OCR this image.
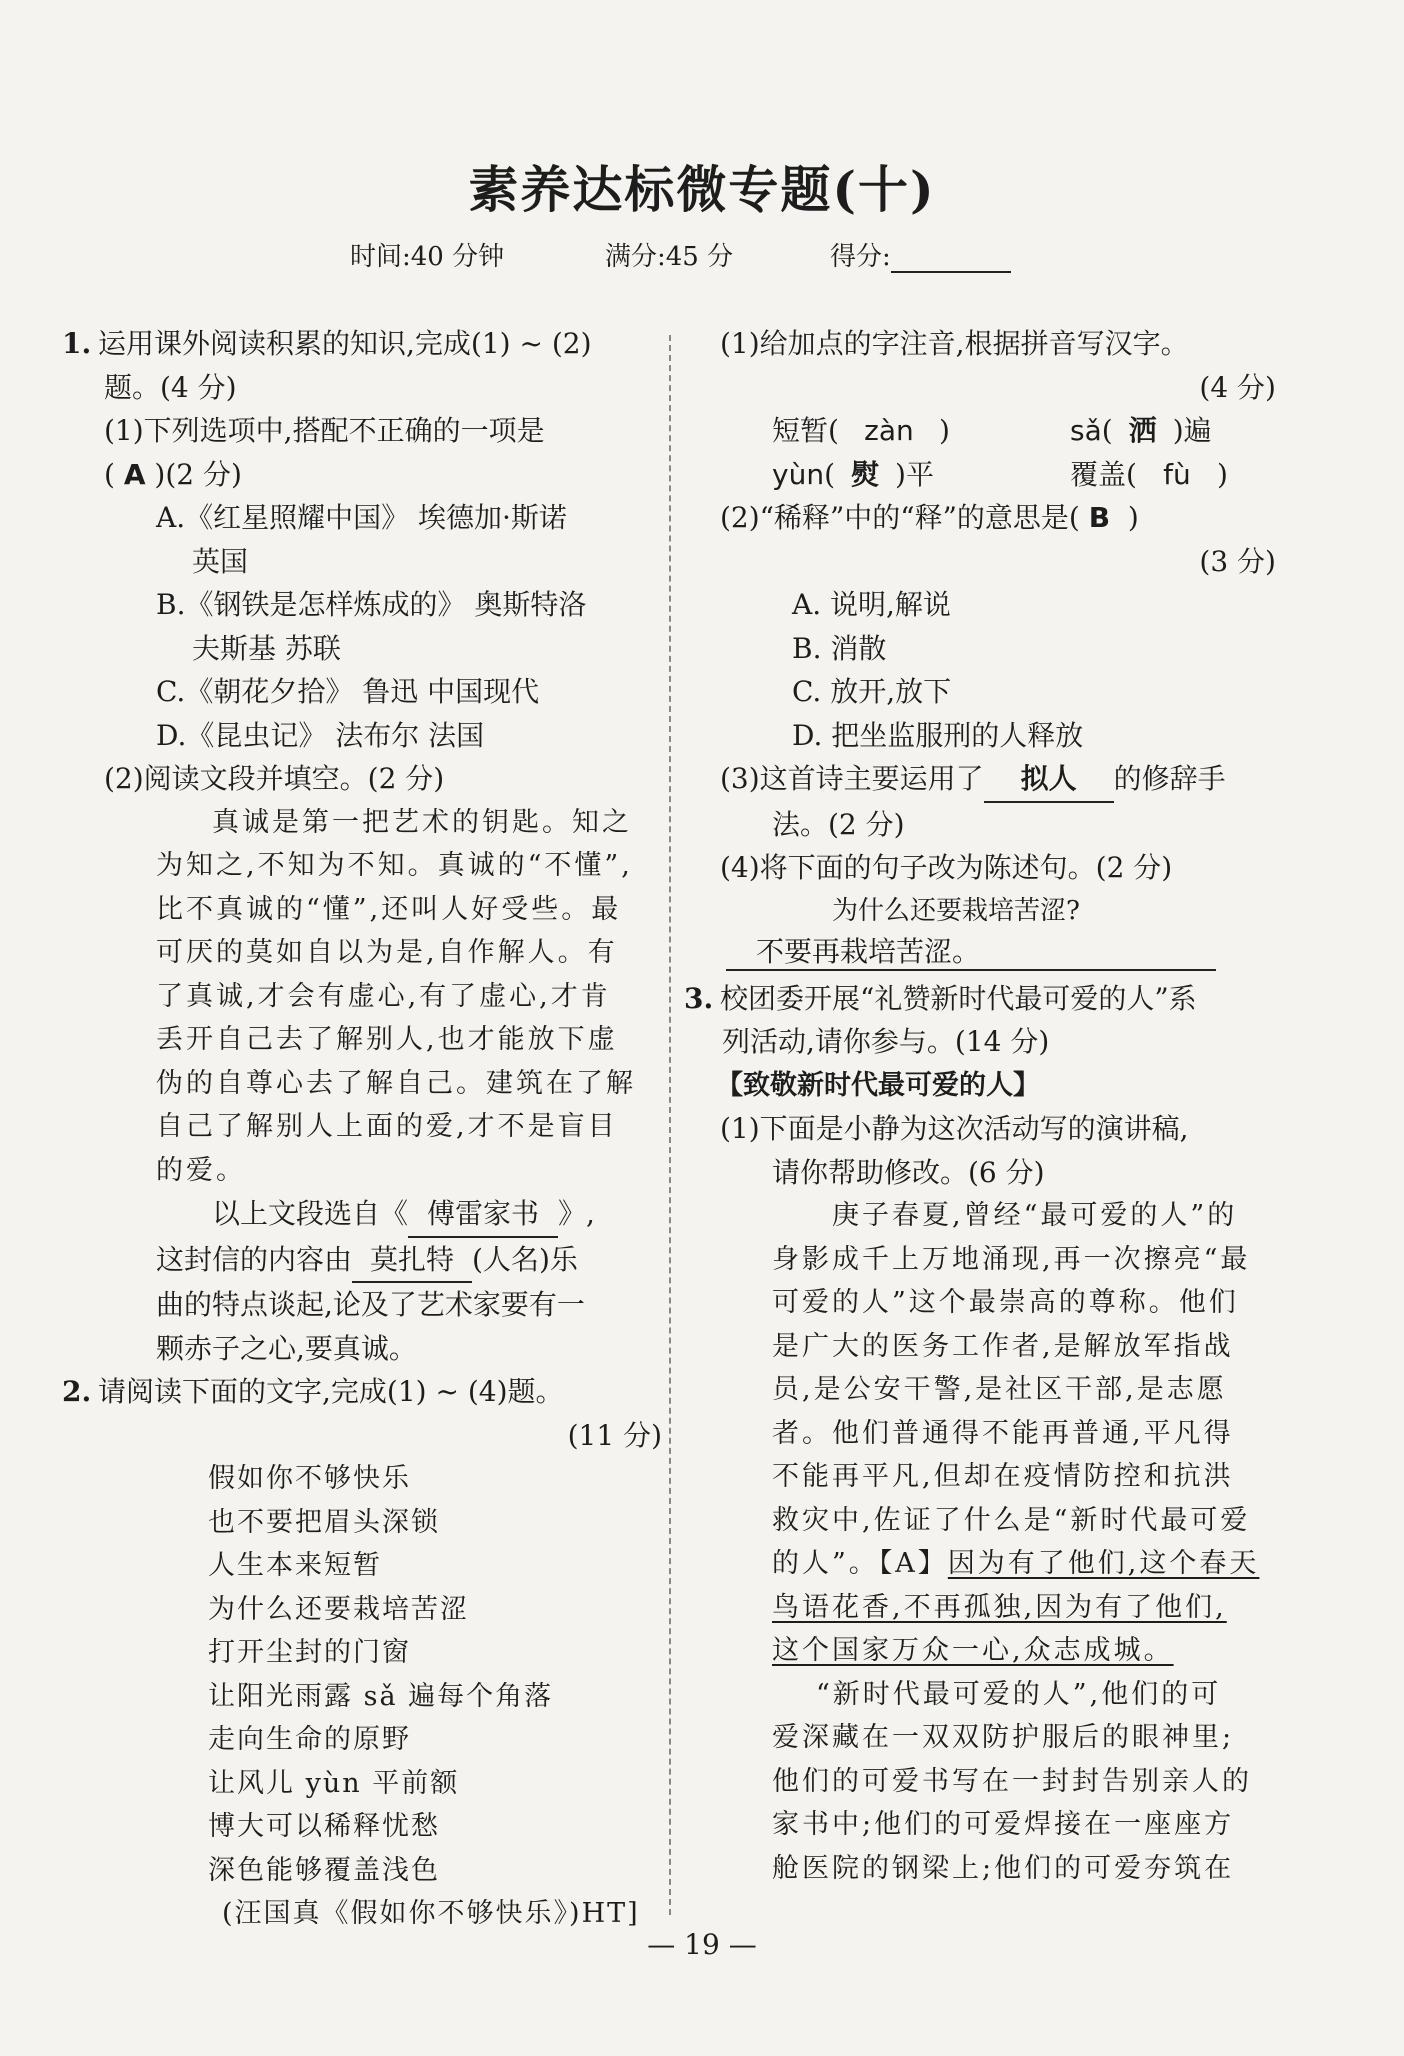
素养达标微专题(十)
时间:40 分钟	满分:45 分	得分:
1. 运用课外阅读积累的知识,完成(1) ~ (2)
题。(4 分)
(1)下列选项中,搭配不正确的一项是
( A )(2 分)
A.《红星照耀中国》 埃德加·斯诺
英国
B.《钢铁是怎样炼成的》 奥斯特洛
夫斯基 苏联
C.《朝花夕拾》 鲁迅 中国现代
D.《昆虫记》 法布尔 法国
(2)阅读文段并填空。(2 分)
真诚是第一把艺术的钥匙。知之
为知之,不知为不知。真诚的“不懂”,
比不真诚的“懂”,还叫人好受些。最
可厌的莫如自以为是,自作解人。有
了真诚,才会有虚心,有了虚心,才肯
丢开自己去了解别人,也才能放下虚
伪的自尊心去了解自己。建筑在了解
自己了解别人上面的爱,才不是盲目
的爱。
以上文段选自《 傅雷家书 》,
这封信的内容由 莫扎特 (人名)乐
曲的特点谈起,论及了艺术家要有一
颗赤子之心,要真诚。
2. 请阅读下面的文字,完成(1) ~ (4)题。
(11 分)
假如你不够快乐
也不要把眉头深锁
人生本来短暂
为什么还要栽培苦涩
打开尘封的门窗
让阳光雨露 sǎ 遍每个角落
走向生命的原野
让风儿 yùn 平前额
博大可以稀释忧愁
深色能够覆盖浅色
(汪国真《假如你不够快乐》)HT]
(1)给加点的字注音,根据拼音写汉字。
(4 分)
短暂( zàn )	sǎ( 洒 )遍
yùn( 熨 )平	覆盖( fù )
(2)“稀释”中的“释”的意思是( B )
(3 分)
A. 说明,解说
B. 消散
C. 放开,放下
D. 把坐监服刑的人释放
(3)这首诗主要运用了 拟人 的修辞手
法。(2 分)
(4)将下面的句子改为陈述句。(2 分)
为什么还要栽培苦涩?
不要再栽培苦涩。
3. 校团委开展“礼赞新时代最可爱的人”系
列活动,请你参与。(14 分)
【致敬新时代最可爱的人】
(1)下面是小静为这次活动写的演讲稿,
请你帮助修改。(6 分)
庚子春夏,曾经“最可爱的人”的
身影成千上万地涌现,再一次擦亮“最
可爱的人”这个最崇高的尊称。他们
是广大的医务工作者,是解放军指战
员,是公安干警,是社区干部,是志愿
者。他们普通得不能再普通,平凡得
不能再平凡,但却在疫情防控和抗洪
救灾中,佐证了什么是“新时代最可爱
的人”。【A】因为有了他们,这个春天
鸟语花香,不再孤独,因为有了他们,
这个国家万众一心,众志成城。
“新时代最可爱的人”,他们的可
爱深藏在一双双防护服后的眼神里;
他们的可爱书写在一封封告别亲人的
家书中;他们的可爱焊接在一座座方
舱医院的钢梁上;他们的可爱夯筑在
— 19 —
